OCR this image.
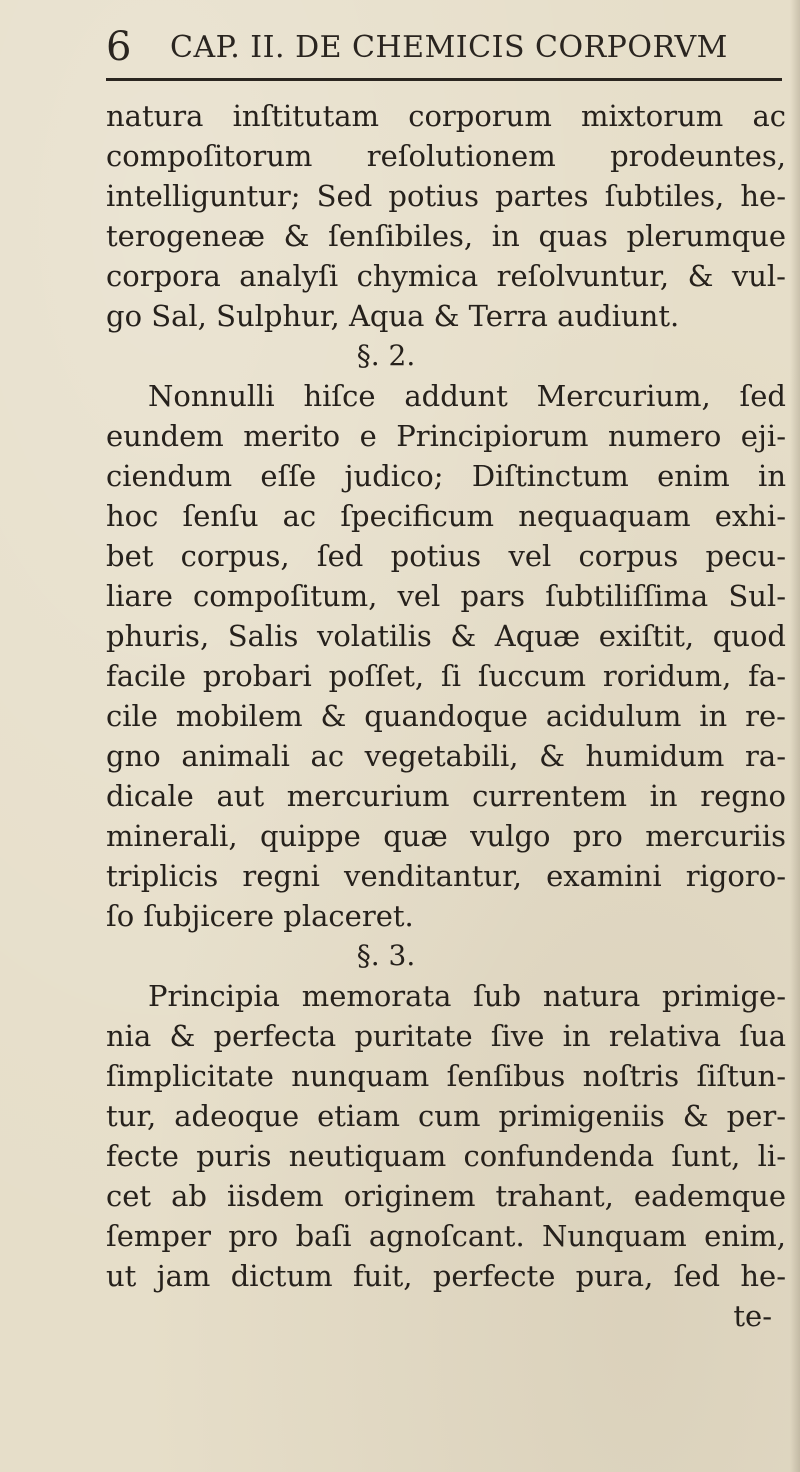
6 CAP. II. DE CHEMICIS CORPORVM
natura inſtitutam corporum mixtorum ac
compoſitorum reſolutionem prodeuntes,
intelliguntur; Sed potius partes ſubtiles, he-
terogeneæ & ſenſibiles, in quas plerumque
corpora analyſi chymica reſolvuntur, & vul-
go Sal, Sulphur, Aqua & Terra audiunt.
§. 2.
Nonnulli hiſce addunt Mercurium, ſed
eundem merito e Principiorum numero eji-
ciendum eſſe judico; Diſtinctum enim in
hoc ſenſu ac ſpecificum nequaquam exhi-
bet corpus, ſed potius vel corpus pecu-
liare compoſitum, vel pars ſubtiliſſima Sul-
phuris, Salis volatilis & Aquæ exiſtit, quod
facile probari poſſet, ſi ſuccum roridum, fa-
cile mobilem & quandoque acidulum in re-
gno animali ac vegetabili, & humidum ra-
dicale aut mercurium currentem in regno
minerali, quippe quæ vulgo pro mercuriis
triplicis regni venditantur, examini rigoro-
ſo ſubjicere placeret.
§. 3.
Principia memorata ſub natura primige-
nia & perfecta puritate ſive in relativa ſua
ſimplicitate nunquam ſenſibus noſtris ſiſtun-
tur, adeoque etiam cum primigeniis & per-
fecte puris neutiquam confundenda ſunt, li-
cet ab iisdem originem trahant, eademque
ſemper pro baſi agnoſcant. Nunquam enim,
ut jam dictum fuit, perfecte pura, ſed he-
te-
